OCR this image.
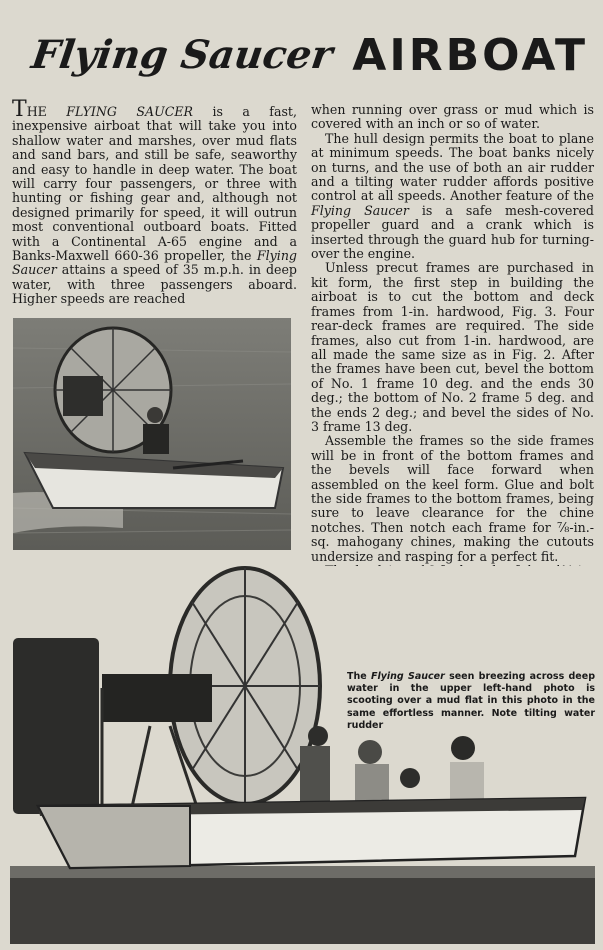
Flying Saucer AIRBOAT

THE FLYING SAUCER is a fast, inexpensive airboat that will take you into shallow water and marshes, over mud flats and sand bars, and still be safe, seaworthy and easy to handle in deep water. The boat will carry four passengers, or three with hunting or fishing gear and, although not designed primarily for speed, it will outrun most conventional outboard boats. Fitted with a Continental A-65 engine and a Banks-Maxwell 660-36 propeller, the Flying Saucer attains a speed of 35 m.p.h. in deep water, with three passengers aboard. Higher speeds are reached

when running over grass or mud which is covered with an inch or so of water.

The hull design permits the boat to plane at minimum speeds. The boat banks nicely on turns, and the use of both an air rudder and a tilting water rudder affords positive control at all speeds. Another feature of the Flying Saucer is a safe mesh-covered propeller guard and a crank which is inserted through the guard hub for turning-over the engine.

Unless precut frames are purchased in kit form, the first step in building the airboat is to cut the bottom and deck frames from 1-in. hardwood, Fig. 3. Four rear-deck frames are required. The side frames, also cut from 1-in. hardwood, are all made the same size as in Fig. 2. After the frames have been cut, bevel the bottom of No. 1 frame 10 deg. and the ends 30 deg.; the bottom of No. 2 frame 5 deg. and the ends 2 deg.; and bevel the sides of No. 3 frame 13 deg.

Assemble the frames so the side frames will be in front of the bottom frames and the bevels will face forward when assembled on the keel form. Glue and bolt the side frames to the bottom frames, being sure to leave clearance for the chine notches. Then notch each frame for ⅞-in.-sq. mahogany chines, making the cutouts undersize and rasping for a perfect fit.

The Flying Saucer seen breezing across deep water in the upper left-hand photo is scooting over a mud flat in this photo in the same effortless manner. Note tilting water rudder
